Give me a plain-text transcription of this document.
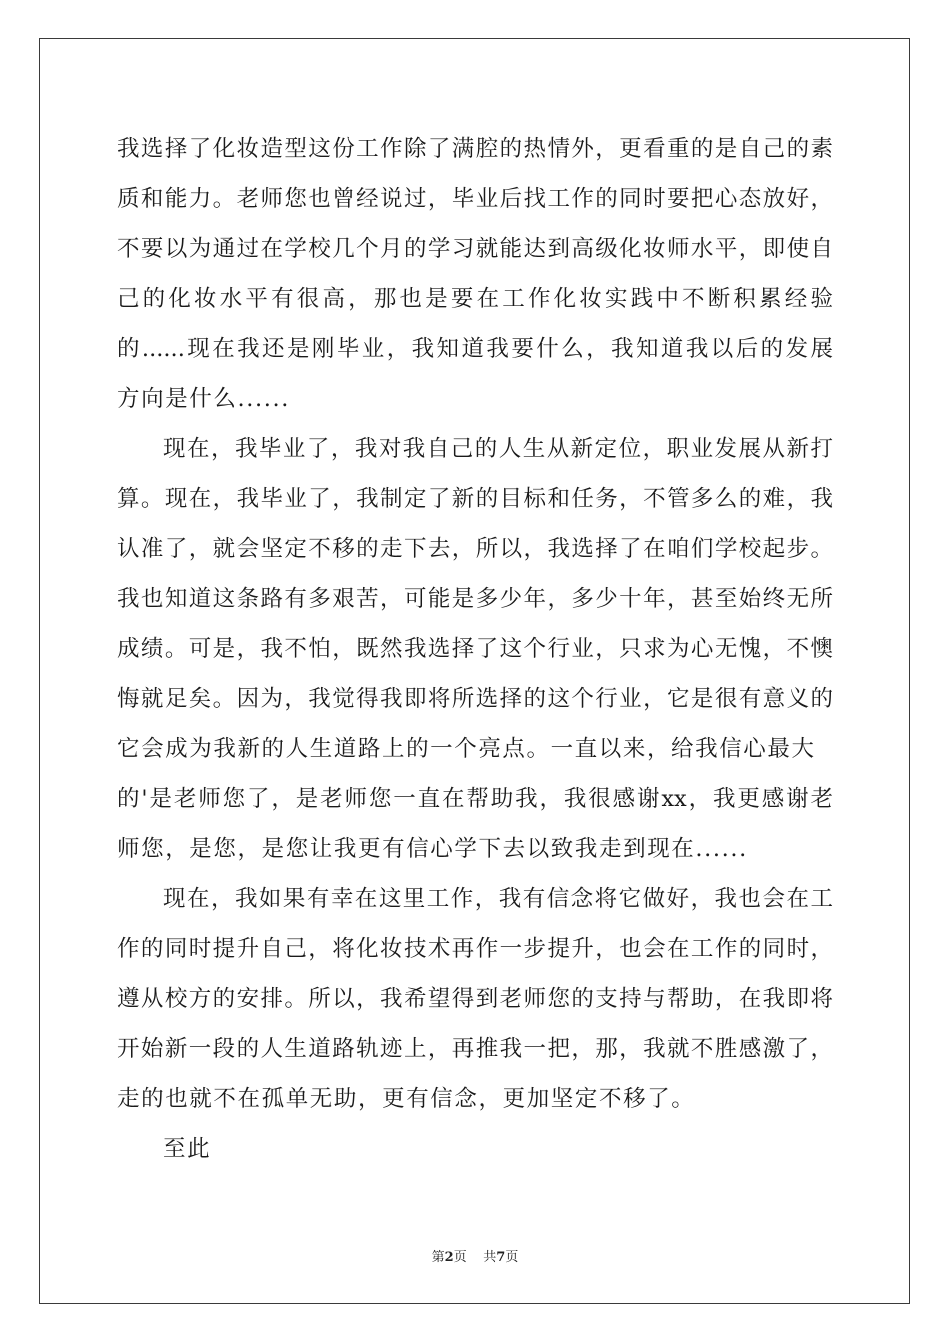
我选择了化妆造型这份工作除了满腔的热情外，更看重的是自己的素
质和能力。老师您也曾经说过，毕业后找工作的同时要把心态放好，
不要以为通过在学校几个月的学习就能达到高级化妆师水平，即使自
己的化妆水平有很高，那也是要在工作化妆实践中不断积累经验
的......现在我还是刚毕业，我知道我要什么，我知道我以后的发展
方向是什么......
现在，我毕业了，我对我自己的人生从新定位，职业发展从新打
算。现在，我毕业了，我制定了新的目标和任务，不管多么的难，我
认准了，就会坚定不移的走下去，所以，我选择了在咱们学校起步。
我也知道这条路有多艰苦，可能是多少年，多少十年，甚至始终无所
成绩。可是，我不怕，既然我选择了这个行业，只求为心无愧，不懊
悔就足矣。因为，我觉得我即将所选择的这个行业，它是很有意义的
它会成为我新的人生道路上的一个亮点。一直以来，给我信心最大
的'是老师您了，是老师您一直在帮助我，我很感谢xx，我更感谢老
师您，是您，是您让我更有信心学下去以致我走到现在......
现在，我如果有幸在这里工作，我有信念将它做好，我也会在工
作的同时提升自己，将化妆技术再作一步提升，也会在工作的同时，
遵从校方的安排。所以，我希望得到老师您的支持与帮助，在我即将
开始新一段的人生道路轨迹上，再推我一把，那，我就不胜感激了，
走的也就不在孤单无助，更有信念，更加坚定不移了。
至此
第2页 共7页
